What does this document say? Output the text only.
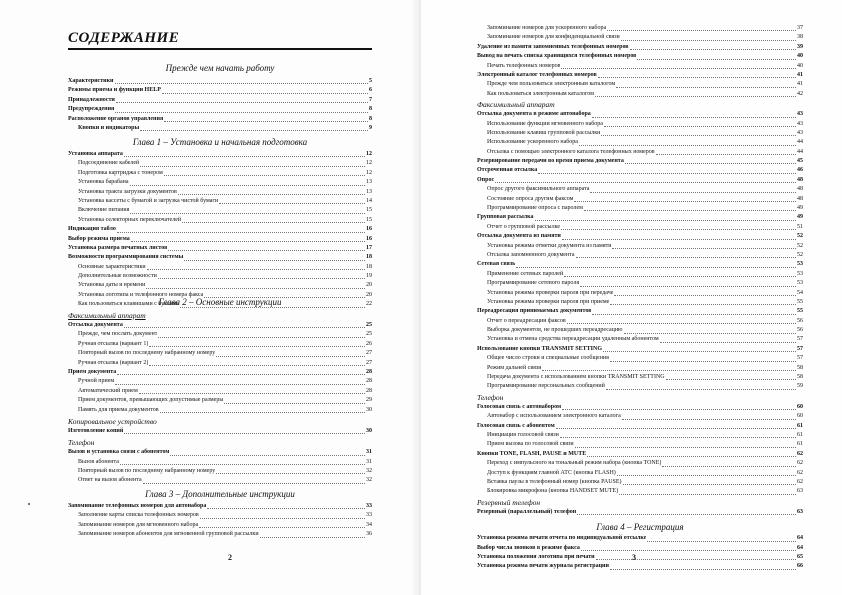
СОДЕРЖАНИЕ
Прежде чем начать работу
Характеристики	5
Режимы приема и функции HELP	6
Принадлежности	7
Предупреждения	8
Расположение органов управления	8
Кнопки и индикаторы	9
Глава 1 – Установка и начальная подготовка
Установка аппарата	12
Подсоединение кабелей	12
Подготовка картриджа с тонером	12
Установка барабана	13
Установка тракта загрузки документов	13
Установка кассеты с бумагой и загрузка чистой бумаги	14
Включение питания	15
Установка селекторных переключателей	15
Индикация табло	16
Выбор режима приема	16
Установка размера печатных листов	17
Возможности программирования системы	18
Основные характеристики	18
Дополнительные возможности	19
Установка даты и времени	20
Установка логотипа и телефонного номера факса	20
Как пользоваться клавишами с буквами	22
Глава 2 – Основные инструкции
Факсимильный аппарат
Отсылка документа	25
Прежде, чем послать документ	25
Ручная отсылка (вариант 1)	26
Повторный вызов по последнему набранному номеру	27
Ручная отсылка (вариант 2)	27
Прием документа	28
Ручной прием	28
Автоматический прием	28
Прием документов, превышающих допустимые размеры	29
Память для приема документов	30
Копировальное устройство
Изготовление копий	30
Телефон
Вызов и установка связи с абонентом	31
Вызов абонента	31
Повторный вызов по последнему набранному номеру	32
Ответ на вызов абонента	32
Глава 3 – Дополнительные инструкции
Запоминание телефонных номеров для автонабора	33
Заполнение карты списка телефонных номеров	33
Запоминание номеров для мгновенного набора	34
Запоминание номеров абонентов для мгновенной групповой рассылки	36
2
Запоминание номеров для ускоренного набора	37
Запоминание номеров для конфиденциальной связи	38
Удаление из памяти запомненных телефонных номеров	39
Вывод на печать списка хранящихся телефонных номеров	40
Печать телефонных номеров	40
Электронный каталог телефонных номеров	41
Прежде чем пользоваться электронным каталогом	41
Как пользоваться электронным каталогом	42
Факсимильный аппарат
Отсылка документа в режиме автонабора	43
Использование функции мгновенного набора	43
Использование клавиш групповой рассылки	43
Использование ускоренного набора	44
Отсылка с помощью электронного каталога телефонных номеров	44
Резервирование передачи во время приема документа	45
Отсроченная отсылка	46
Опрос	48
Опрос другого факсимильного аппарата	48
Состояние опроса другим факсом	48
Программирование опроса с паролем	49
Групповая рассылка	49
Отчет о групповой рассылке	51
Отсылка документа из памяти	52
Установка режима отметки документа из памяти	52
Отсылка запомненного документа	52
Сетевая связь	53
Применение сетевых паролей	53
Программирование сетевого пароля	53
Установка режима проверки пароля при передаче	54
Установка режима проверки пароля при приеме	55
Переадресация принимаемых документов	55
Отчет о переадресации факсов	56
Выборка документов, не прошедших переадресацию	56
Установка и отмена средства переадресации удаленным абонентом	57
Использование кнопки TRANSMIT SETTING	57
Общее число строки и специальные сообщения	57
Режим дальней связи	58
Передача документа с использованием кнопки TRANSMIT SETTING	58
Программирование персональных сообщений	59
Телефон
Голосовая связь с автонабором	60
Автонабор с использованием электронного каталога	60
Голосовая связь с абонентом	61
Инициация голосовой связи	61
Прием вызова по голосовой связи	61
Кнопки TONE, FLASH, PAUSE и MUTE	62
Переход с импульсного на тональный режим набора (кнопка TONE)	62
Доступ к функциям главной АТС (кнопка FLASH)	62
Вставка паузы в телефонный номер (кнопка PAUSE)	62
Блокировка микрофона (кнопка HANDSET MUTE)	63
Резервный телефон
Резервный (параллельный) телефон	63
Глава 4 – Регистрация
Установка режима печати отчета по индивидуальной отсылке	64
Выбор числа звонков в режиме факса	64
Установка положения логотипа при печати	65
Установка режима печати журнала регистрации	66
3
